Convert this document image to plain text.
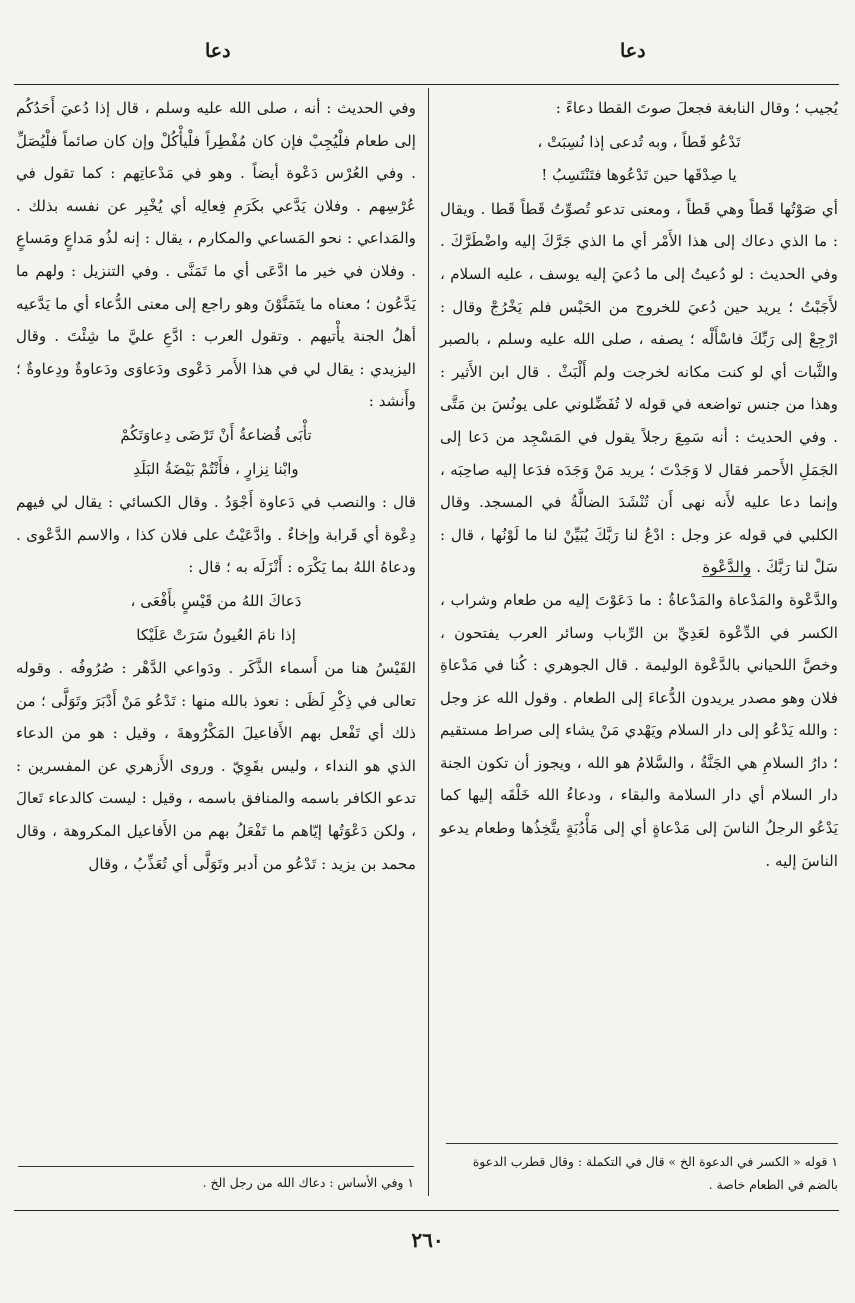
دعا	دعا

يُجيب ؛ وقال النابغة فجعلَ صوتَ القطا دعاءً :

تَدْعُو قَطاً ، وبه تُدعى إذا نُسِبَتْ ،

يا صِدْقَها حين تَدْعُوها فتَنْتَسِبُ !

أي صَوْتُها قَطاً وهي قَطاً ، ومعنى تدعو تُصوِّتُ قَطاً قَطا . ويقال : ما الذي دعاك إلى هذا الأَمْر أي ما الذي جَرَّكَ إليه واضْطَرَّكَ . وفي الحديث : لو دُعيتُ إلى ما دُعيَ إليه يوسف ، عليه السلام ، لأَجَبْتُ ؛ يريد حين دُعيَ للخروج من الحَبْس فلم يَخْرُجْ وقال : ارْجِعْ إلى رَبِّكَ فاسْأَلْه ؛ يصفه ، صلى الله عليه وسلم ، بالصبر والثَّبات أي لو كنت مكانه لخرجت ولم أَلْبَثْ . قال ابن الأَثير : وهذا من جنس تواضعه في قوله لا تُفَضِّلوني على يونُسَ بن مَتَّى . وفي الحديث : أنه سَمِعَ رجلاً يقول في المَسْجِد من دَعا إلى الجَمَلِ الأَحمر فقال لا وَجَدْتَ ؛ يريد مَنْ وَجَدَه فدَعا إليه صاحِبَه ، وإنما دعا عليه لأَنه نهى أَن تُنْشَدَ الضالَّةُ في المسجد. وقال الكلبي في قوله عز وجل : ادْعُ لنا رَبَّكَ يُبَيِّنْ لنا ما لَوْنُها ، قال : سَلْ لنا رَبَّكَ . والدَّعْوة

والدَّعْوة والمَدْعاة والمَدْعاةُ : ما دَعَوْتَ إليه من طعام وشراب ، الكسر في الدِّعْوة لعَدِيِّ بن الرِّباب وسائر العرب يفتحون ، وخصَّ اللحياني بالدَّعْوة الوليمة . قال الجوهري : كُنا في مَدْعاةِ فلان وهو مصدر يريدون الدُّعاءَ إلى الطعام . وقول الله عز وجل : والله يَدْعُو إلى دار السلام ويَهْدي مَنْ يشاء إلى صراط مستقيم ؛ دارُ السلامِ هي الجَنَّةُ ، والسَّلامُ هو الله ، ويجوز أن تكون الجنة دار السلام أي دار السلامة والبقاء ، ودعاءُ الله خَلْقَه إليها كما يَدْعُو الرجلُ الناسَ إلى مَدْعاةٍ أي إلى مَأْدُبَةٍ يتَّخِذُها وطعام يدعو الناسَ إليه .

١ قوله « الكسر في الدعوة الخ » قال في التكملة : وقال قطرب الدعوة بالضم في الطعام خاصة .

وفي الحديث : أنه ، صلى الله عليه وسلم ، قال إذا دُعيَ أَحَدُكُم إلى طعام فلْيُجِبْ فإن كان مُفْطِراً فلْيأْكُلْ وإن كان صائماً فلْيُصَلِّ . وفي العُرْس دَعْوة أيضاً . وهو في مَدْعاتِهم : كما تقول في عُرْسِهم . وفلان يَدَّعي بكَرَمِ فِعالِه أي يُخْبِر عن نفسه بذلك . والمَداعي : نحو المَساعي والمكارم ، يقال : إنه لذُو مَداعٍ ومَساعٍ . وفلان في خير ما ادَّعَى أي ما تَمَنَّى . وفي التنزيل : ولهم ما يَدَّعُون ؛ معناه ما يتَمَنَّوْنَ وهو راجع إلى معنى الدُّعاء أي ما يَدَّعيه أهلُ الجنة يأْتيهم . وتقول العرب : ادَّعِ عليَّ ما شِئْتَ . وقال اليزيدي : يقال لي في هذا الأَمر دَعْوى ودَعاوَى ودَعاوةٌ ودِعاوةٌ ؛ وأَنشد :

تأْبَى قُضاعةُ أَنْ تَرْضَى دِعاوَتَكُمْ

وابْنا نِزارٍ ، فأَنْتُمْ بَيْضَةُ البَلَدِ

قال : والنصب في دَعاوة أَجْوَدُ . وقال الكسائي : يقال لي فيهم دِعْوة أي قَرابة وإخاءٌ . وادَّعَيْتُ على فلان كذا ، والاسم الدَّعْوى . ودعاهُ اللهُ بما يَكْرَه : أَنْزَلَه به ؛ قال :

دَعاكَ اللهُ من قَيْسٍ بأَفْعَى ،

إذا نامَ العُيونُ سَرَتْ عَلَيْكا

القَيْسُ هنا من أَسماء الذَّكَر . ودَواعي الدَّهْر : صُرُوفُه . وقوله تعالى في ذِكْرِ لَظَى : نعوذ بالله منها : تَدْعُو مَنْ أَدْبَرَ وتَوَلَّى ؛ من ذلك أي تَفْعل بهم الأَفاعيلَ المَكْرُوهةَ ، وقيل : هو من الدعاء الذي هو النداء ، وليس بقَوِيّ . وروى الأَزهري عن المفسرين : تدعو الكافر باسمه والمنافق باسمه ، وقيل : ليست كالدعاء تَعالَ ، ولكن دَعْوَتُها إيّاهم ما تَفْعَلُ بهم من الأَفاعيل المكروهة ، وقال محمد بن يزيد : تَدْعُو من أدبر وتَوَلَّى أي تُعَذِّبُ ، وقال

١ وفي الأساس : دعاك الله من رجل الخ .
٢٦٠
